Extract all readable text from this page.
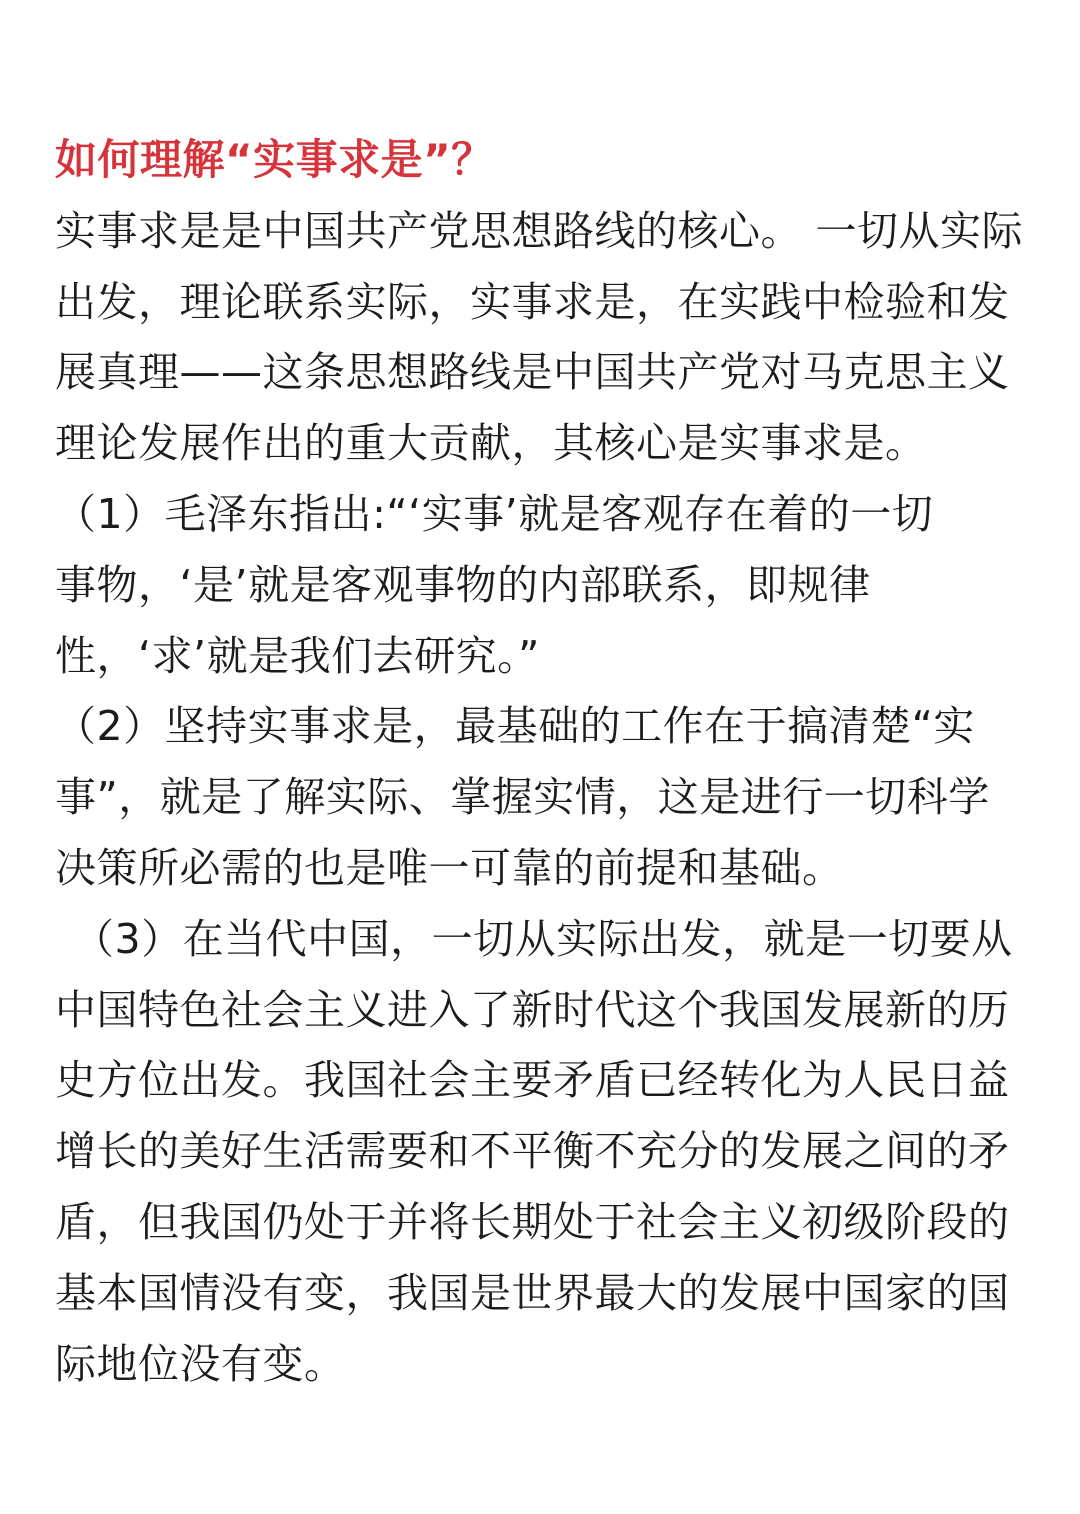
如何理解“实事求是”？
实事求是是中国共产党思想路线的核心。 一切从实际
出发，理论联系实际，实事求是，在实践中检验和发
展真理——这条思想路线是中国共产党对马克思主义
理论发展作出的重大贡献，其核心是实事求是。
（1）毛泽东指出:“‘实事’就是客观存在着的一切
事物，‘是’就是客观事物的内部联系，即规律
性，‘求’就是我们去研究。”
（2）坚持实事求是，最基础的工作在于搞清楚“实
事”，就是了解实际、掌握实情，这是进行一切科学
决策所必需的也是唯一可靠的前提和基础。
（3）在当代中国，一切从实际出发，就是一切要从
中国特色社会主义进入了新时代这个我国发展新的历
史方位出发。我国社会主要矛盾已经转化为人民日益
增长的美好生活需要和不平衡不充分的发展之间的矛
盾，但我国仍处于并将长期处于社会主义初级阶段的
基本国情没有变，我国是世界最大的发展中国家的国
际地位没有变。
